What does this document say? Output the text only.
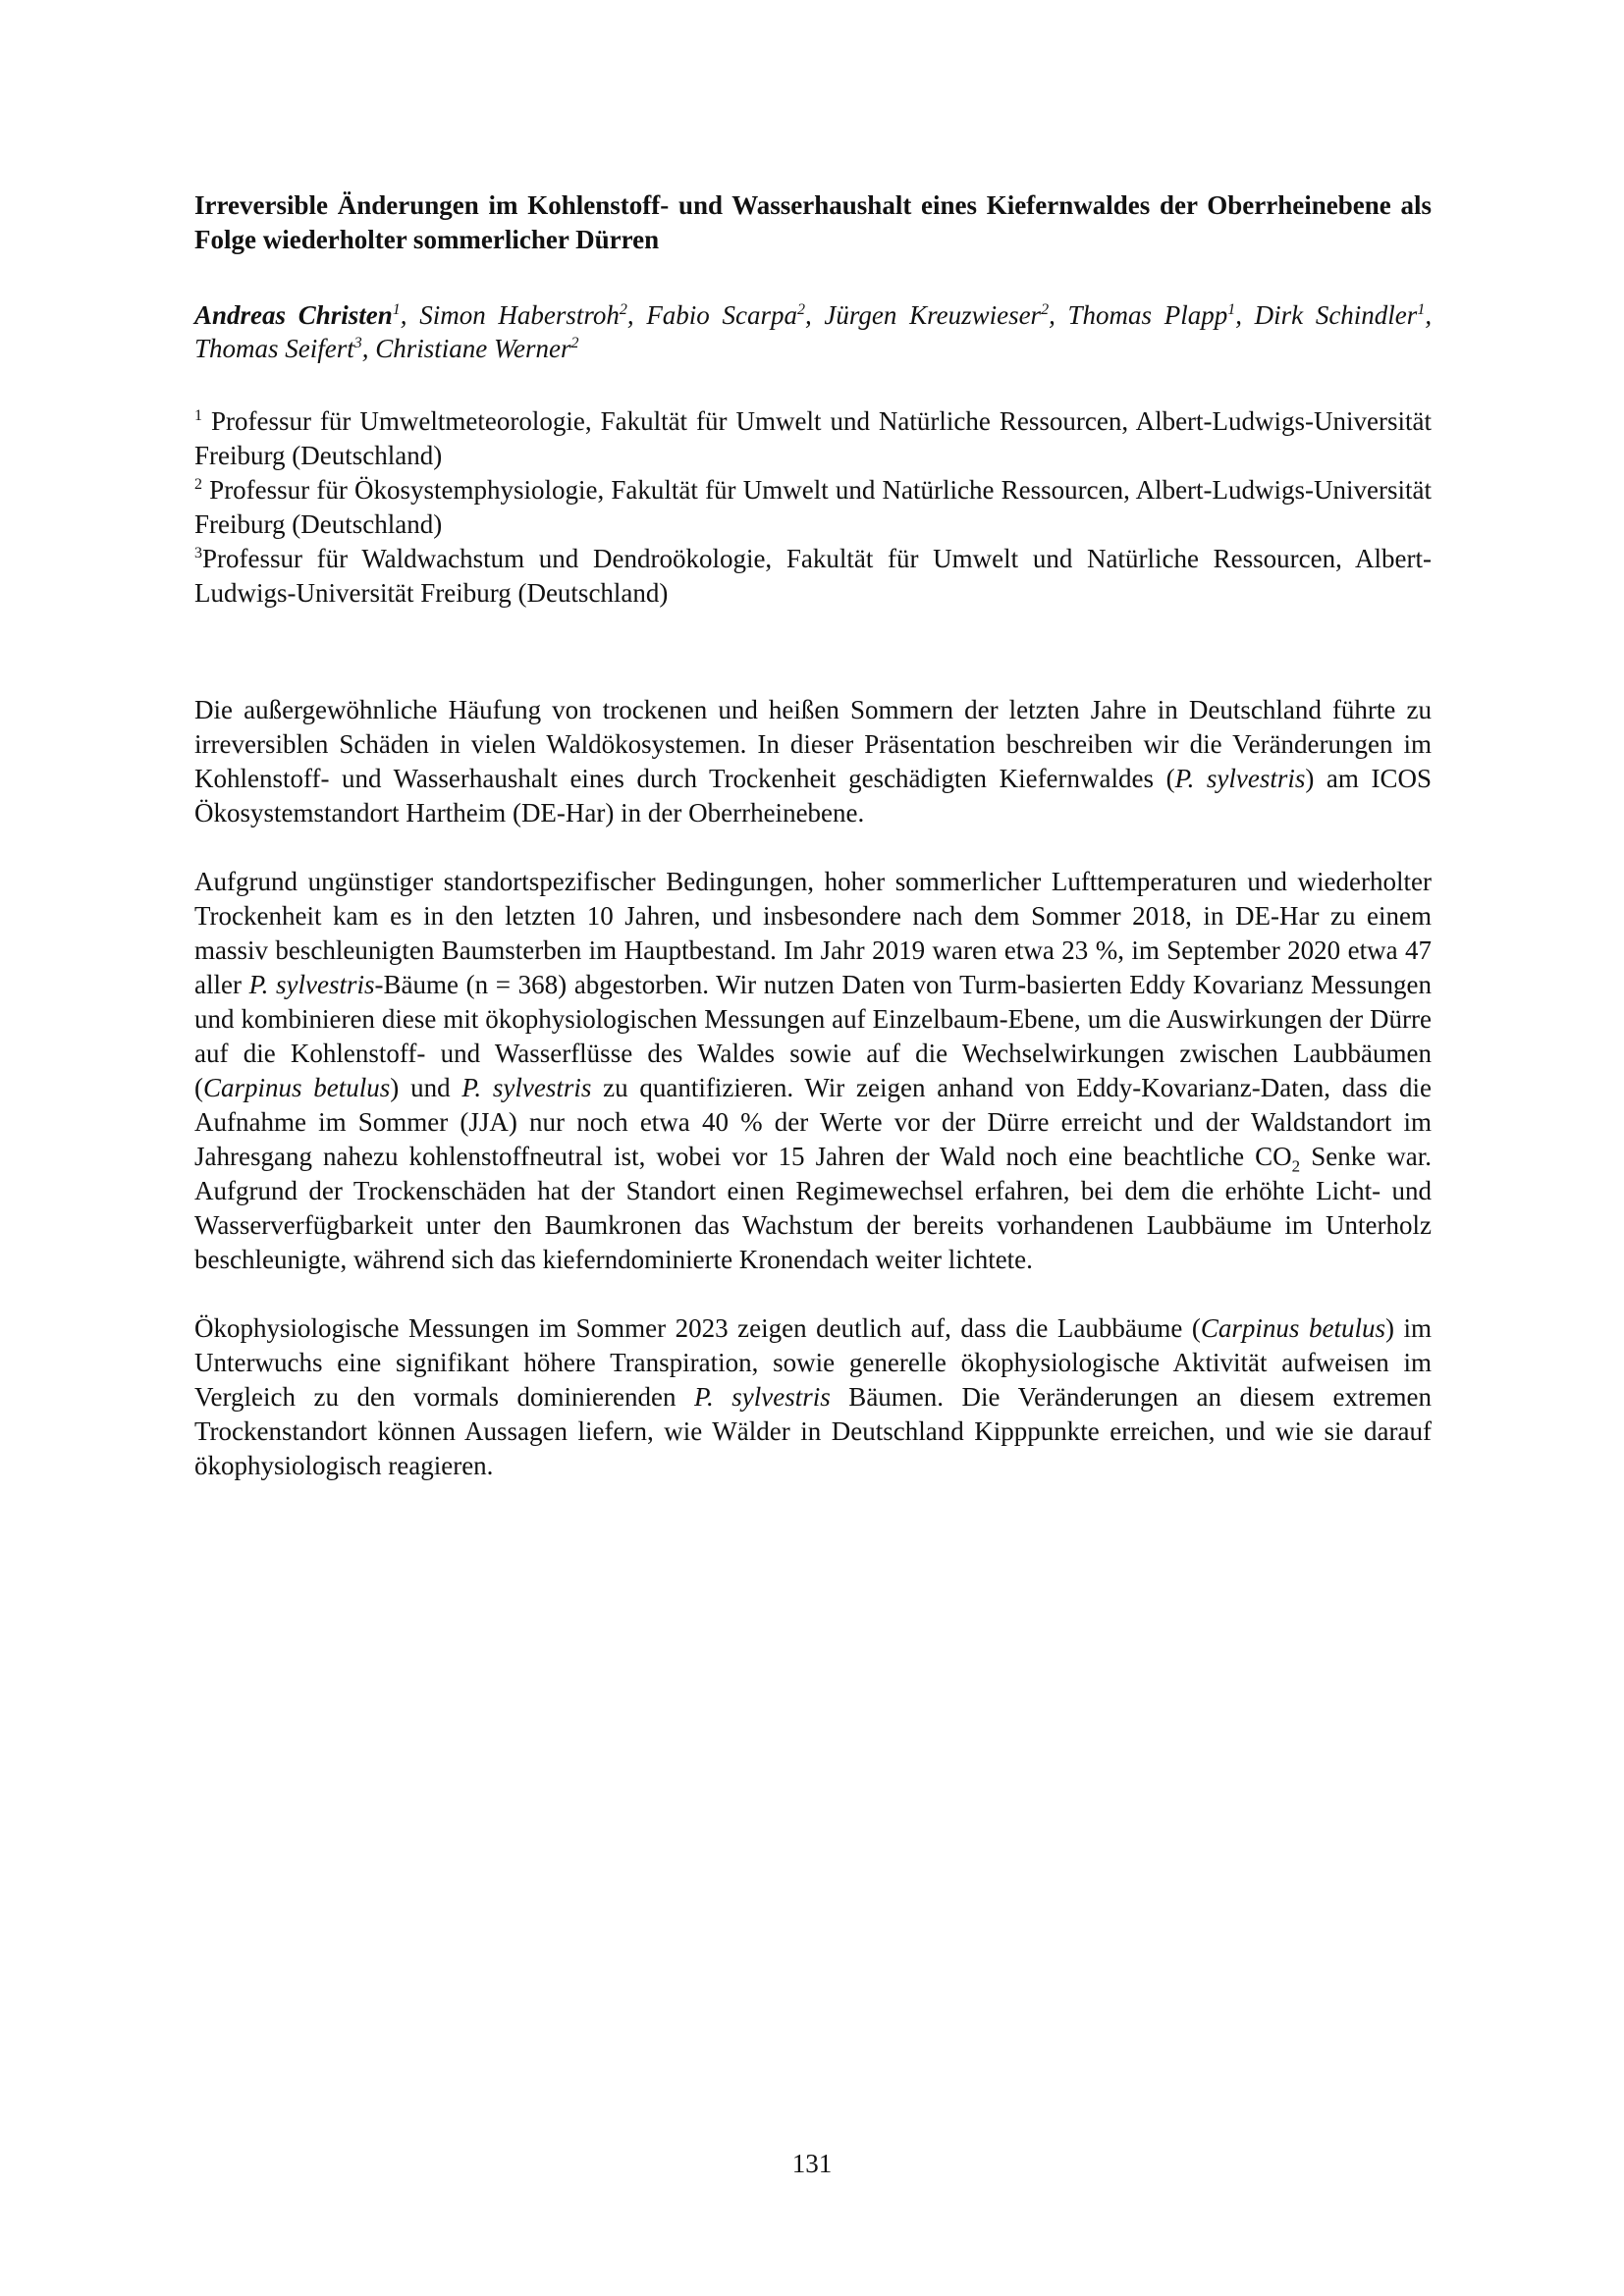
Irreversible Änderungen im Kohlenstoff- und Wasserhaushalt eines Kiefernwaldes der Oberrheinebene als Folge wiederholter sommerlicher Dürren

Andreas Christen$^1$, Simon Haberstroh$^2$, Fabio Scarpa$^2$, Jürgen Kreuzwieser$^2$, Thomas Plapp$^1$, Dirk Schindler$^1$, Thomas Seifert$^3$, Christiane Werner$^2$

$^1$ Professur für Umweltmeteorologie, Fakultät für Umwelt und Natürliche Ressourcen, Albert-Ludwigs-Universität Freiburg (Deutschland)

$^2$ Professur für Ökosystemphysiologie, Fakultät für Umwelt und Natürliche Ressourcen, Albert-Ludwigs-Universität Freiburg (Deutschland)

$^3$Professur für Waldwachstum und Dendroökologie, Fakultät für Umwelt und Natürliche Ressourcen, Albert-Ludwigs-Universität Freiburg (Deutschland)

Die außergewöhnliche Häufung von trockenen und heißen Sommern der letzten Jahre in Deutschland führte zu irreversiblen Schäden in vielen Waldökosystemen. In dieser Präsentation beschreiben wir die Veränderungen im Kohlenstoff- und Wasserhaushalt eines durch Trockenheit geschädigten Kiefernwaldes (P. sylvestris) am ICOS Ökosystemstandort Hartheim (DE-Har) in der Oberrheinebene.

Aufgrund ungünstiger standortspezifischer Bedingungen, hoher sommerlicher Lufttemperaturen und wiederholter Trockenheit kam es in den letzten 10 Jahren, und insbesondere nach dem Sommer 2018, in DE-Har zu einem massiv beschleunigten Baumsterben im Hauptbestand. Im Jahr 2019 waren etwa 23 %, im September 2020 etwa 47 aller P. sylvestris-Bäume (n = 368) abgestorben. Wir nutzen Daten von Turm-basierten Eddy Kovarianz Messungen und kombinieren diese mit ökophysiologischen Messungen auf Einzelbaum-Ebene, um die Auswirkungen der Dürre auf die Kohlenstoff- und Wasserflüsse des Waldes sowie auf die Wechselwirkungen zwischen Laubbäumen (Carpinus betulus) und P. sylvestris zu quantifizieren. Wir zeigen anhand von Eddy-Kovarianz-Daten, dass die Aufnahme im Sommer (JJA) nur noch etwa 40 % der Werte vor der Dürre erreicht und der Waldstandort im Jahresgang nahezu kohlenstoffneutral ist, wobei vor 15 Jahren der Wald noch eine beachtliche $CO_2$ Senke war. Aufgrund der Trockenschäden hat der Standort einen Regimewechsel erfahren, bei dem die erhöhte Licht- und Wasserverfügbarkeit unter den Baumkronen das Wachstum der bereits vorhandenen Laubbäume im Unterholz beschleunigte, während sich das kieferndominierte Kronendach weiter lichtete.

Ökophysiologische Messungen im Sommer 2023 zeigen deutlich auf, dass die Laubbäume (Carpinus betulus) im Unterwuchs eine signifikant höhere Transpiration, sowie generelle ökophysiologische Aktivität aufweisen im Vergleich zu den vormals dominierenden P. sylvestris Bäumen. Die Veränderungen an diesem extremen Trockenstandort können Aussagen liefern, wie Wälder in Deutschland Kipppunkte erreichen, und wie sie darauf ökophysiologisch reagieren.

131
